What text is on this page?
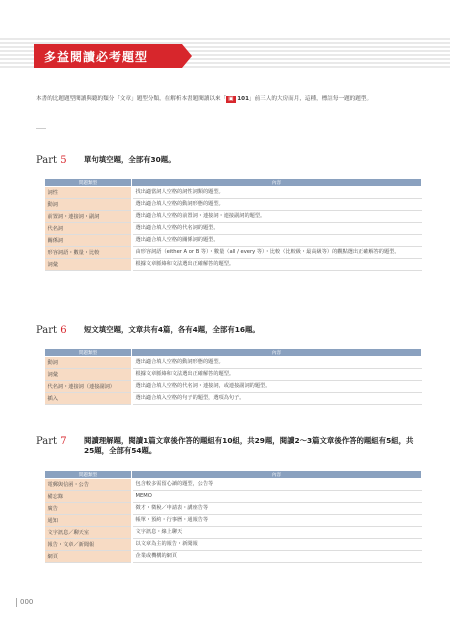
多益閱讀必考題型
本書的比題題型閱讀與聽的類分「文章」題型分類，在解析本書題閱讀以來「 ▣ 101」前三人的大房而月，這種，標註每一題的題型。
Part 5	單句填空題，全部有30題。
問題類型	內容
詞性	找出適當詞人空格的詞性詞類的題型。
動詞	選出適合填人空格的動詞形態的題型。
前置詞・連接詞・副詞	選出適合填人空格的前置詞・連接詞・連接副詞的題型。
代名詞	選出適合填人空格的代名詞的題型。
關係詞	選出適合填人空格的關係詞的題型。
形容詞語・數量・比較	由形容詞語（either A or B 等）・數量（all / every 等）・比較（比較級・最高級等）的觀點選出正確解答的題型。
詞彙	根據文章脈絡和文法選出正確解答的題型。
Part 6	短文填空題，文章共有4篇，各有4題，全部有16題。
問題類型	內容
動詞	選出適合填人空格的動詞形態的題型。
詞彙	根據文章脈絡和文法選出正確解答的題型。
代名詞・連接詞（連接副詞）	選出適合填人空格的代名詞・連接詞，或連接副詞的題型。
插入	選出適合填入空格的句子的題型，選項為句子。
Part 7	閱讀理解題，閱讀1篇文章後作答的題組有10組，共29題，閱讀2～3篇文章後作答的題組有5組，共25題，全部有54題。
問題類型	內容
電郵與信函・公告	包含較多需留心讀的題型，公告等
備忘錄	MEMO
廣告	徵才・徵稅／申請表・講座告等
通知	帳單・預約・行事曆・通報告等
文字訊息／聊天室	文字訊息・線上聊天
報告・文章／新聞報	以文章為主的報告・新聞報
網頁	企業或機構的網頁
000
